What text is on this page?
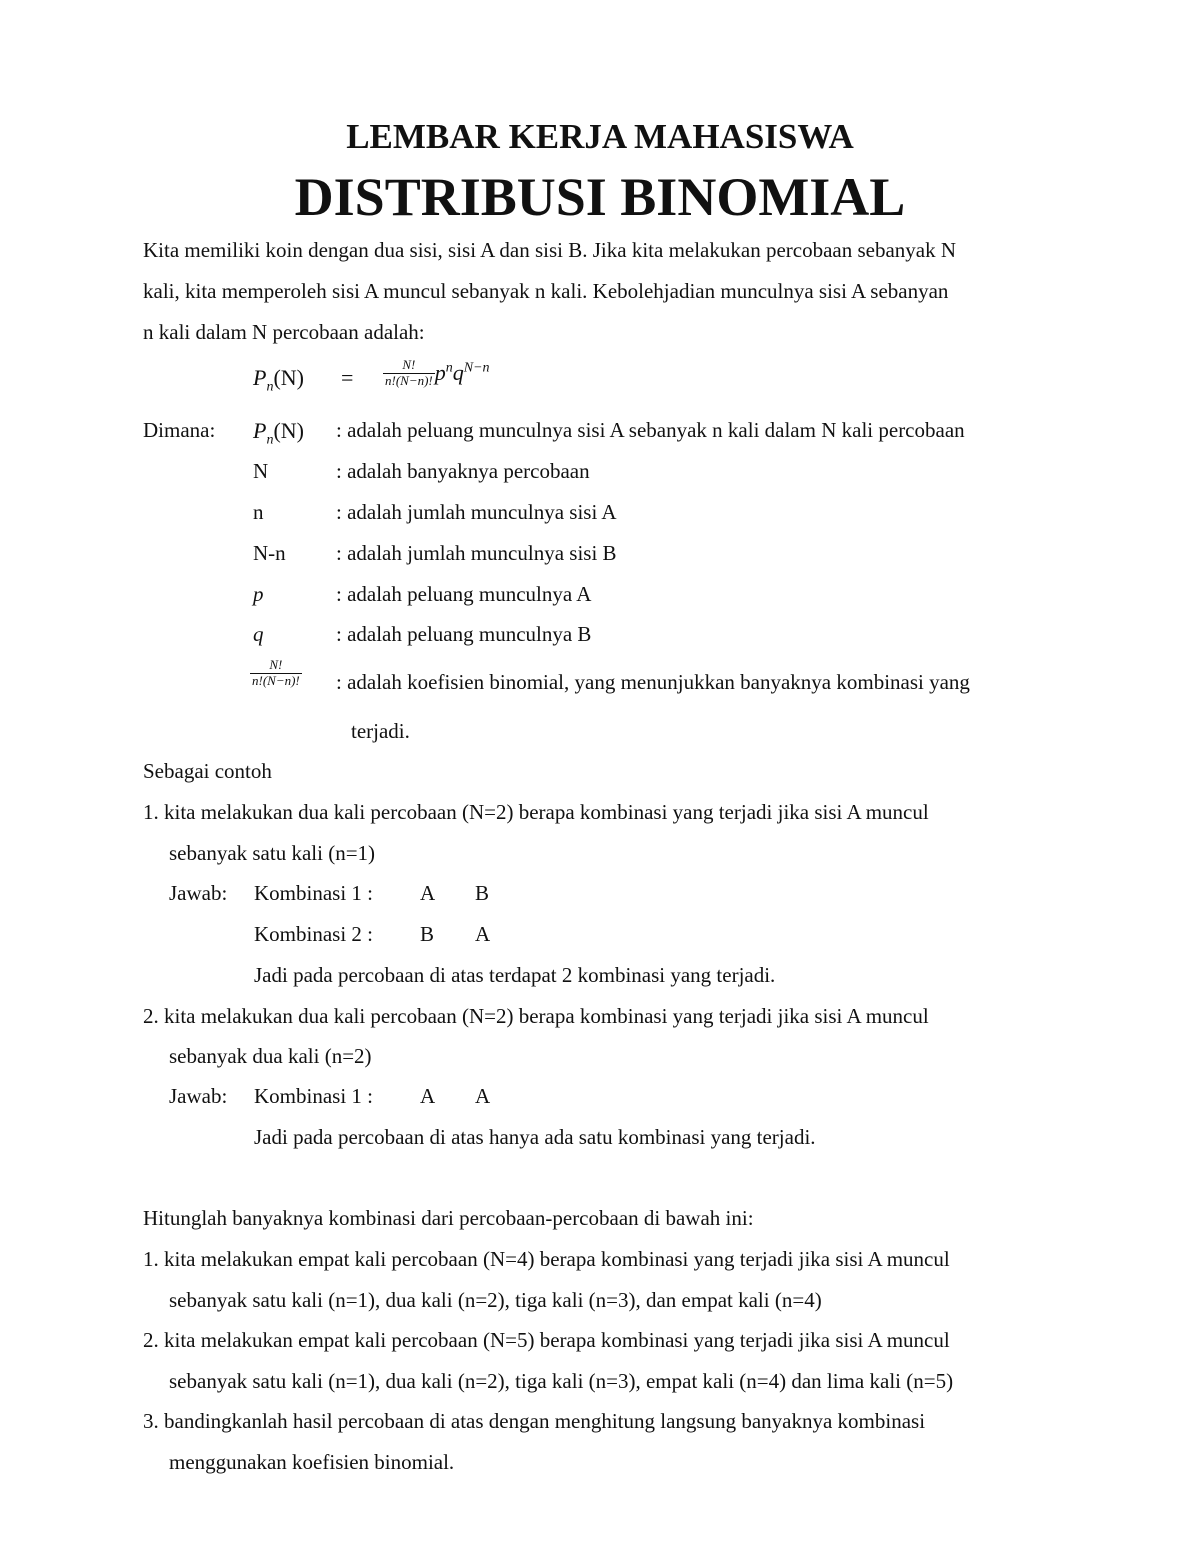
LEMBAR KERJA MAHASISWA
DISTRIBUSI BINOMIAL
Kita memiliki koin dengan dua sisi, sisi A dan sisi B. Jika kita melakukan percobaan sebanyak N
kali, kita memperoleh sisi A muncul sebanyak n kali. Kebolehjadian munculnya sisi A sebanyan
n kali dalam N percobaan adalah:
$P_n(N) = \frac{N!}{n!(N-n)!} p^nq^{N-n}$
Dimana: $P_n(N)$ : adalah peluang munculnya sisi A sebanyak n kali dalam N kali percobaan
N	: adalah banyaknya percobaan
n	: adalah jumlah munculnya sisi A
N-n : adalah jumlah munculnya sisi B
p	: adalah peluang munculnya A
q	: adalah peluang munculnya B
$\frac{N!}{n!(N-n)!}$ : adalah koefisien binomial, yang menunjukkan banyaknya kombinasi yang
terjadi.
Sebagai contoh
1. kita melakukan dua kali percobaan (N=2) berapa kombinasi yang terjadi jika sisi A muncul
sebanyak satu kali (n=1)
Jawab: Kombinasi 1 : A B
Kombinasi 2 : B A
Jadi pada percobaan di atas terdapat 2 kombinasi yang terjadi.
2. kita melakukan dua kali percobaan (N=2) berapa kombinasi yang terjadi jika sisi A muncul
sebanyak dua kali (n=2)
Jawab: Kombinasi 1 : A A
Jadi pada percobaan di atas hanya ada satu kombinasi yang terjadi.
Hitunglah banyaknya kombinasi dari percobaan-percobaan di bawah ini:
1. kita melakukan empat kali percobaan (N=4) berapa kombinasi yang terjadi jika sisi A muncul
sebanyak satu kali (n=1), dua kali (n=2), tiga kali (n=3), dan empat kali (n=4)
2. kita melakukan empat kali percobaan (N=5) berapa kombinasi yang terjadi jika sisi A muncul
sebanyak satu kali (n=1), dua kali (n=2), tiga kali (n=3), empat kali (n=4) dan lima kali (n=5)
3. bandingkanlah hasil percobaan di atas dengan menghitung langsung banyaknya kombinasi
menggunakan koefisien binomial.
